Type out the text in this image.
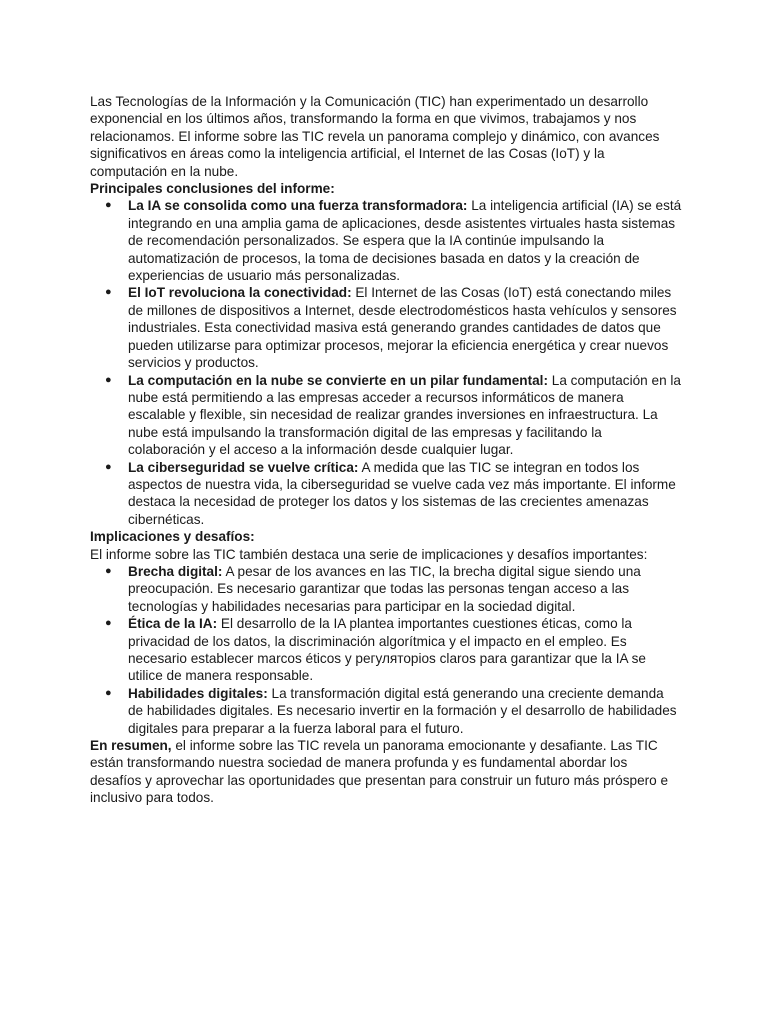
Las Tecnologías de la Información y la Comunicación (TIC) han experimentado un desarrollo exponencial en los últimos años, transformando la forma en que vivimos, trabajamos y nos relacionamos. El informe sobre las TIC revela un panorama complejo y dinámico, con avances significativos en áreas como la inteligencia artificial, el Internet de las Cosas (IoT) y la computación en la nube.

Principales conclusiones del informe:

● La IA se consolida como una fuerza transformadora: La inteligencia artificial (IA) se está integrando en una amplia gama de aplicaciones, desde asistentes virtuales hasta sistemas de recomendación personalizados. Se espera que la IA continúe impulsando la automatización de procesos, la toma de decisiones basada en datos y la creación de experiencias de usuario más personalizadas.
● El IoT revoluciona la conectividad: El Internet de las Cosas (IoT) está conectando miles de millones de dispositivos a Internet, desde electrodomésticos hasta vehículos y sensores industriales. Esta conectividad masiva está generando grandes cantidades de datos que pueden utilizarse para optimizar procesos, mejorar la eficiencia energética y crear nuevos servicios y productos.
● La computación en la nube se convierte en un pilar fundamental: La computación en la nube está permitiendo a las empresas acceder a recursos informáticos de manera escalable y flexible, sin necesidad de realizar grandes inversiones en infraestructura. La nube está impulsando la transformación digital de las empresas y facilitando la colaboración y el acceso a la información desde cualquier lugar.
● La ciberseguridad se vuelve crítica: A medida que las TIC se integran en todos los aspectos de nuestra vida, la ciberseguridad se vuelve cada vez más importante. El informe destaca la necesidad de proteger los datos y los sistemas de las crecientes amenazas cibernéticas.

Implicaciones y desafíos:

El informe sobre las TIC también destaca una serie de implicaciones y desafíos importantes:

● Brecha digital: A pesar de los avances en las TIC, la brecha digital sigue siendo una preocupación. Es necesario garantizar que todas las personas tengan acceso a las tecnologías y habilidades necesarias para participar en la sociedad digital.
● Ética de la IA: El desarrollo de la IA plantea importantes cuestiones éticas, como la privacidad de los datos, la discriminación algorítmica y el impacto en el empleo. Es necesario establecer marcos éticos y регуляторios claros para garantizar que la IA se utilice de manera responsable.
● Habilidades digitales: La transformación digital está generando una creciente demanda de habilidades digitales. Es necesario invertir en la formación y el desarrollo de habilidades digitales para preparar a la fuerza laboral para el futuro.

En resumen, el informe sobre las TIC revela un panorama emocionante y desafiante. Las TIC están transformando nuestra sociedad de manera profunda y es fundamental abordar los desafíos y aprovechar las oportunidades que presentan para construir un futuro más próspero e inclusivo para todos.
